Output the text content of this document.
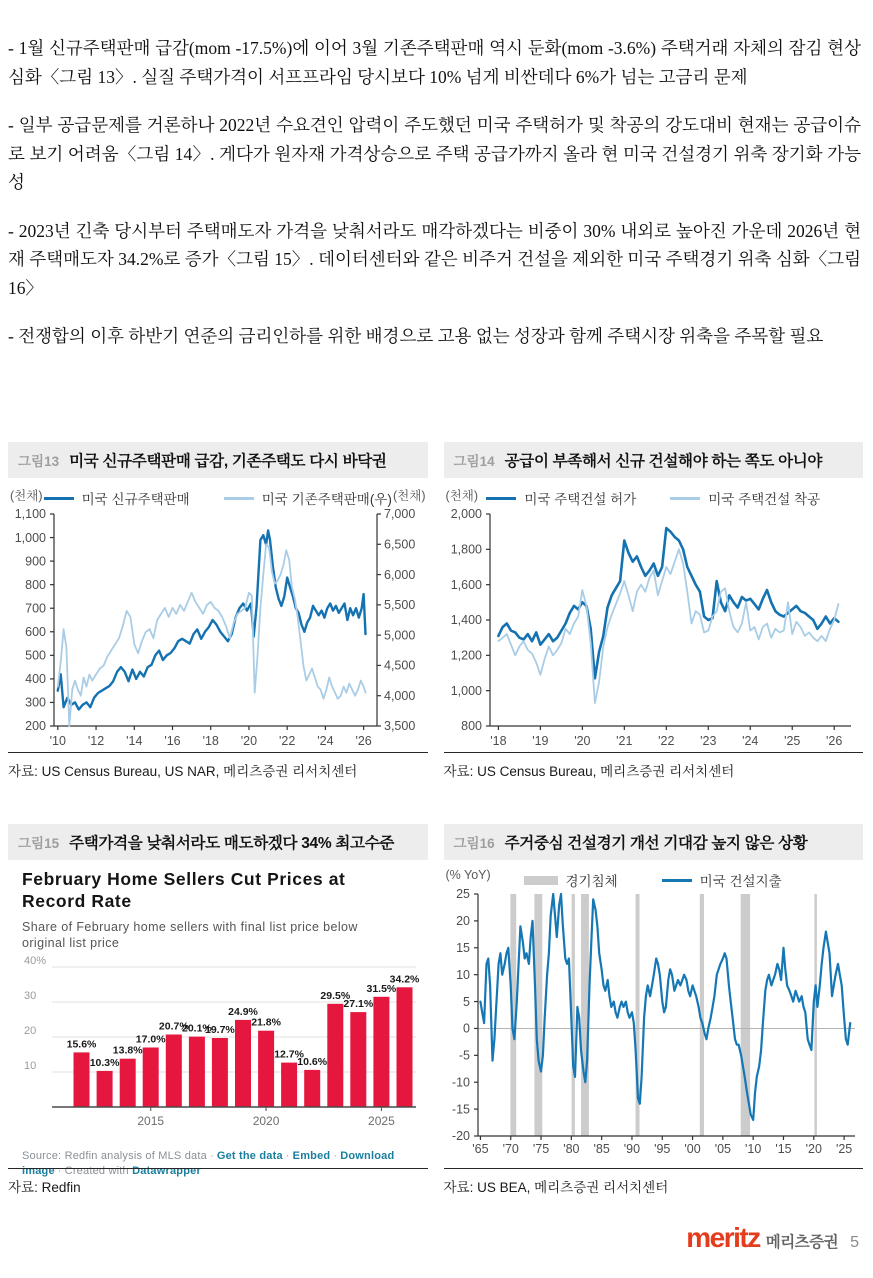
- 1월 신규주택판매 급감(mom -17.5%)에 이어 3월 기존주택판매 역시 둔화(mom -3.6%) 주택거래 자체의 잠김 현상 심화〈그림 13〉. 실질 주택가격이 서프프라임 당시보다 10% 넘게 비싼데다 6%가 넘는 고금리 문제

- 일부 공급문제를 거론하나 2022년 수요견인 압력이 주도했던 미국 주택허가 및 착공의 강도대비 현재는 공급이슈로 보기 어려움〈그림 14〉. 게다가 원자재 가격상승으로 주택 공급가까지 올라 현 미국 건설경기 위축 장기화 가능성

- 2023년 긴축 당시부터 주택매도자 가격을 낮춰서라도 매각하겠다는 비중이 30% 내외로 높아진 가운데 2026년 현재 주택매도자 34.2%로 증가〈그림 15〉. 데이터센터와 같은 비주거 건설을 제외한 미국 주택경기 위축 심화〈그림 16〉

- 전쟁합의 이후 하반기 연준의 금리인하를 위한 배경으로 고용 없는 성장과 함께 주택시장 위축을 주목할 필요

그림13 미국 신규주택판매 급감, 기존주택도 다시 바닥권
(천채)	(천채)
미국 신규주택판매	미국 기존주택판매(우)
200
300
400
500
600
700
800
900
1,000
1,100
3,500
4,000
4,500
5,000
5,500
6,000
6,500
7,000
'10 '12 '14 '16 '18 '20 '22 '24 '26
자료: US Census Bureau, US NAR, 메리츠증권 리서치센터
그림14 공급이 부족해서 신규 건설해야 하는 쪽도 아니야
(천채)	미국 주택건설 허가	미국 주택건설 착공
800
1,000
1,200
1,400
1,600
1,800
2,000
'18 '19 '20 '21 '22 '23 '24 '25 '26
자료: US Census Bureau, 메리츠증권 리서치센터
그림15 주택가격을 낮춰서라도 매도하겠다 34% 최고수준
February Home Sellers Cut Prices at Record Rate
Share of February home sellers with final list price below original list price
10
20
30
40%
15.6%
10.3%
13.8%
17.0%
20.7%
20.1%
19.7%
24.9%
21.8%
12.7%
10.6%
29.5%
27.1%
31.5%
34.2%
2015	2020	2025
Source: Redfin analysis of MLS data · Get the data · Embed · Download image · Created with Datawrapper
자료: Redfin
그림16 주거중심 건설경기 개선 기대감 높지 않은 상황
(% YoY)	경기침체	미국 건설지출
-20
-15
-10
-5
0
5
10
15
20
25
'65 '70 '75 '80 '85 '90 '95 '00 '05 '10 '15 '20 '25
자료: US BEA, 메리츠증권 리서치센터
meritz 메리츠증권 5
